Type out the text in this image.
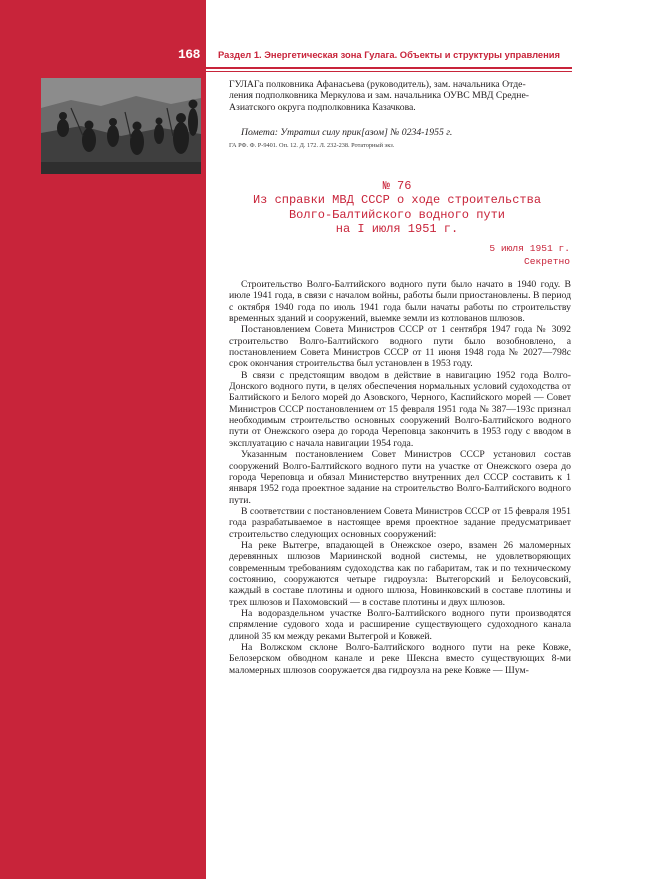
168 Раздел 1. Энергетическая зона Гулага. Объекты и структуры управления

ГУЛАГа полковника Афанасьева (руководитель), зам. начальника Отде-

ления подполковника Меркулова и зам. начальника ОУВС МВД Средне-

Азиатского округа подполковника Казачкова.

Помета: Утратил силу прик[азом] № 0234-1955 г.
ГА РФ. Ф. Р-9401. Оп. 12. Д. 172. Л. 232-238. Ротаторный экз.
№ 76
Из справки МВД СССР о ходе строительства
Волго-Балтийского водного пути
на I июля 1951 г.
5 июля 1951 г.
Секретно

Строительство Волго-Балтийского водного пути было начато в 1940 году. В июле 1941 года, в связи с началом войны, работы были приостановлены. В период с октября 1940 года по июль 1941 года были начаты работы по строительству временных зданий и сооружений, выемке земли из котлованов шлюзов.

Постановлением Совета Министров СССР от 1 сентября 1947 года № 3092 строительство Волго-Балтийского водного пути было возобновлено, а постановлением Совета Министров СССР от 11 июня 1948 года № 2027—798с срок окончания строительства был установлен в 1953 году.

В связи с предстоящим вводом в действие в навигацию 1952 года Волго-Донского водного пути, в целях обеспечения нормальных условий судоходства от Балтийского и Белого морей до Азовского, Черного, Каспийского морей — Совет Министров СССР постановлением от 15 февраля 1951 года № 387—193с признал необходимым строительство основных сооружений Волго-Балтийского водного пути от Онежского озера до города Череповца закончить в 1953 году с вводом в эксплуатацию с начала навигации 1954 года.

Указанным постановлением Совет Министров СССР установил состав сооружений Волго-Балтийского водного пути на участке от Онежского озера до города Череповца и обязал Министерство внутренних дел СССР составить к 1 января 1952 года проектное задание на строительство Волго-Балтийского водного пути.

В соответствии с постановлением Совета Министров СССР от 15 февраля 1951 года разрабатываемое в настоящее время проектное задание предусматривает строительство следующих основных сооружений:

На реке Вытегре, впадающей в Онежское озеро, взамен 26 маломерных деревянных шлюзов Мариинской водной системы, не удовлетворяющих современным требованиям судоходства как по габаритам, так и по техническому состоянию, сооружаются четыре гидроузла: Вытегорский и Белоусовский, каждый в составе плотины и одного шлюза, Новинковский в составе плотины и трех шлюзов и Пахомовский — в составе плотины и двух шлюзов.

На водораздельном участке Волго-Балтийского водного пути производятся спрямление судового хода и расширение существующего судоходного канала длиной 35 км между реками Вытегрой и Ковжей.

На Волжском склоне Волго-Балтийского водного пути на реке Ковже, Белозерском обводном канале и реке Шексна вместо существующих 8-ми маломерных шлюзов сооружается два гидроузла на реке Ковже — Шум-
